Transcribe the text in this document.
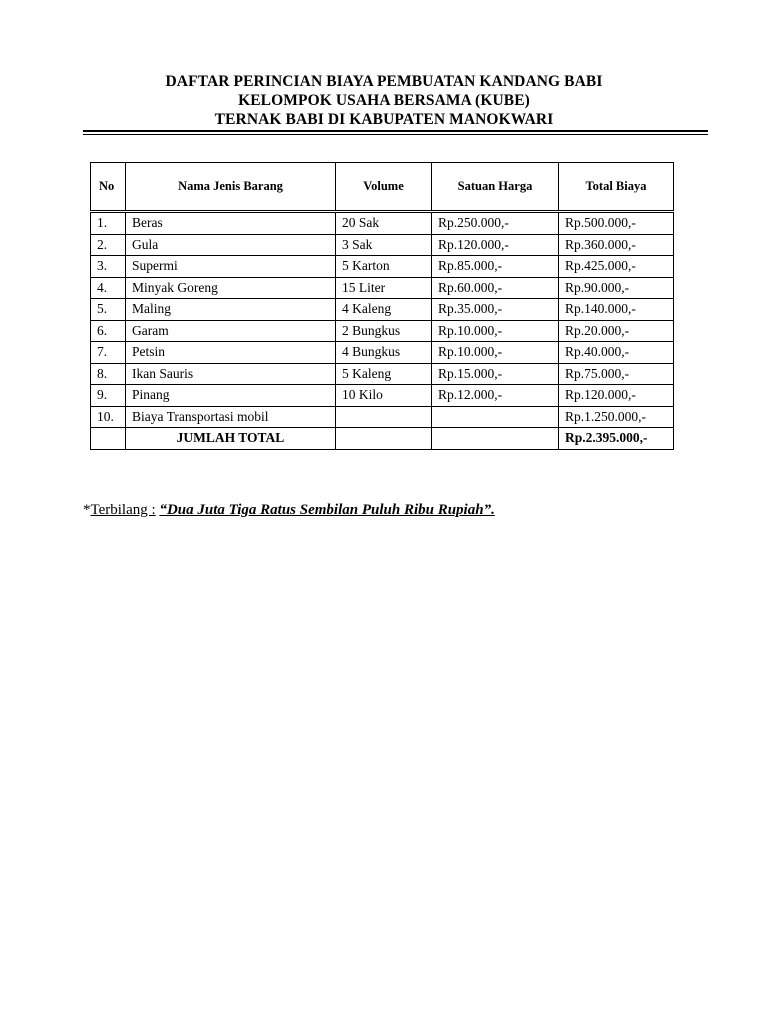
DAFTAR PERINCIAN BIAYA PEMBUATAN KANDANG BABI
KELOMPOK USAHA BERSAMA (KUBE)
TERNAK BABI DI KABUPATEN MANOKWARI
No	Nama Jenis Barang	Volume	Satuan Harga	Total Biaya
1.	Beras	20 Sak	Rp.250.000,-	Rp.500.000,-
2.	Gula	3 Sak	Rp.120.000,-	Rp.360.000,-
3.	Supermi	5 Karton	Rp.85.000,-	Rp.425.000,-
4.	Minyak Goreng	15 Liter	Rp.60.000,-	Rp.90.000,-
5.	Maling	4 Kaleng	Rp.35.000,-	Rp.140.000,-
6.	Garam	2 Bungkus	Rp.10.000,-	Rp.20.000,-
7.	Petsin	4 Bungkus	Rp.10.000,-	Rp.40.000,-
8.	Ikan Sauris	5 Kaleng	Rp.15.000,-	Rp.75.000,-
9.	Pinang	10 Kilo	Rp.12.000,-	Rp.120.000,-
10.	Biaya Transportasi mobil			Rp.1.250.000,-
	JUMLAH TOTAL			Rp.2.395.000,-
*Terbilang : “Dua Juta Tiga Ratus Sembilan Puluh Ribu Rupiah”.
